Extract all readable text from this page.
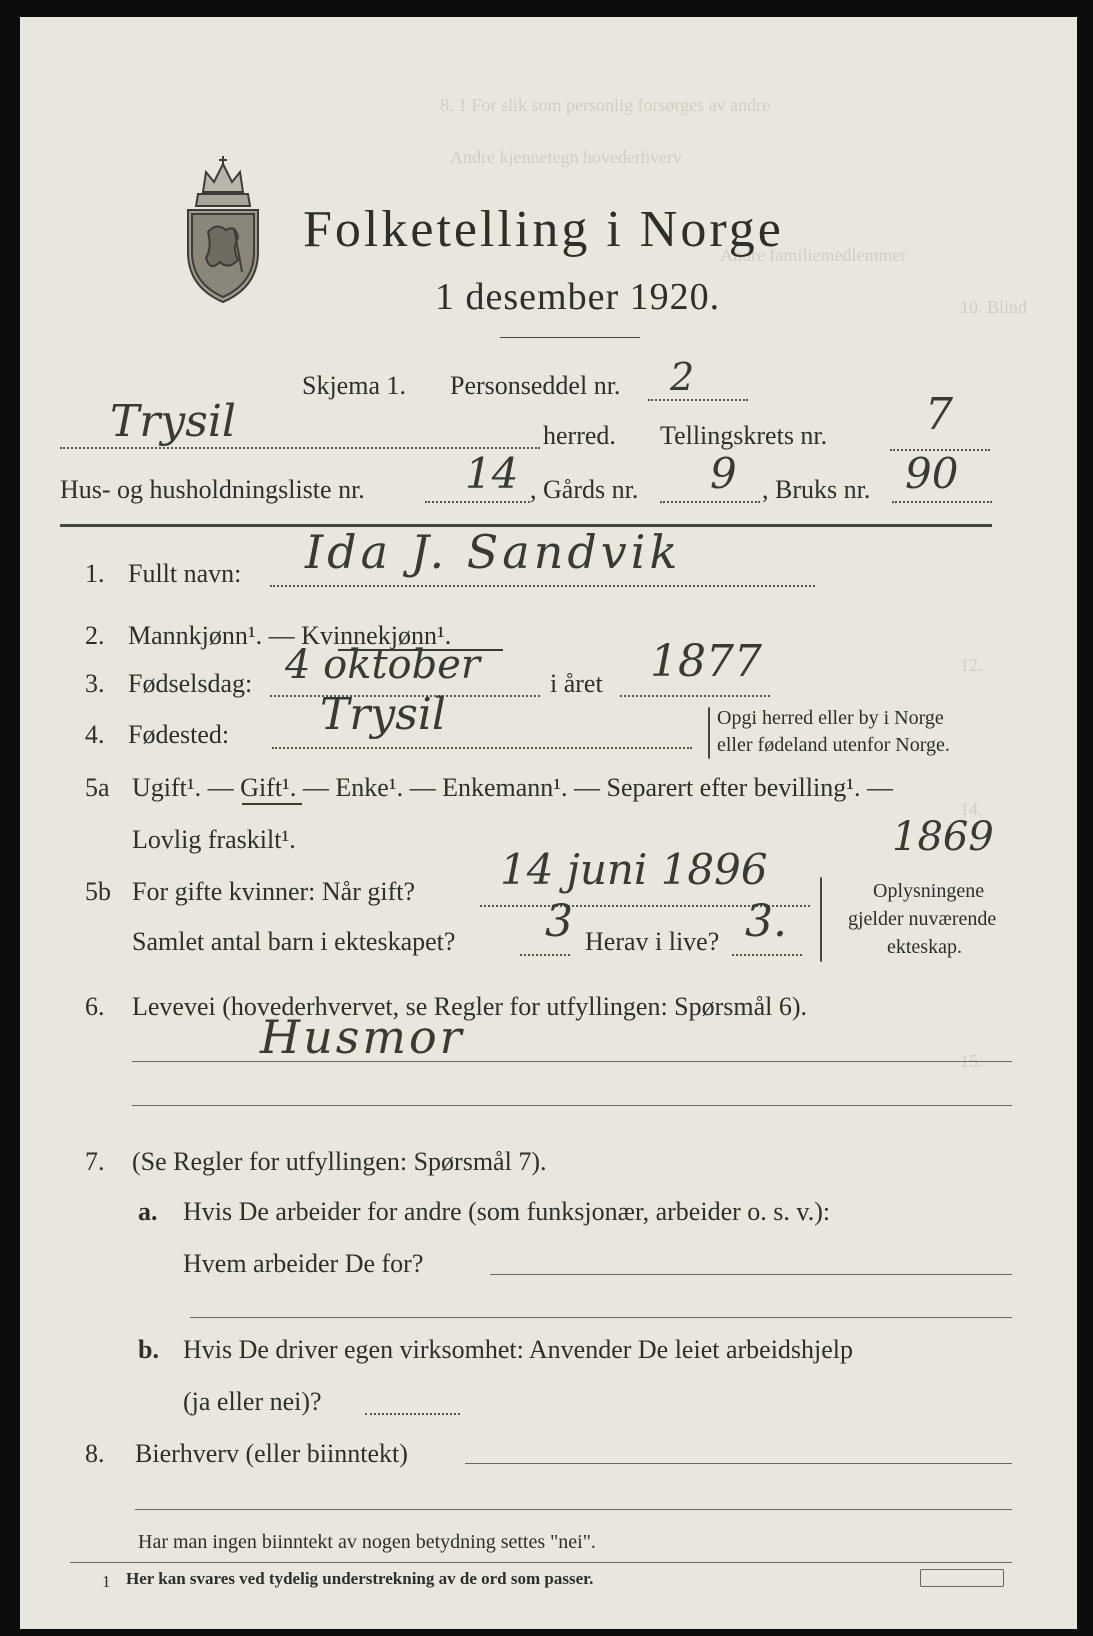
8. 1 For slik som personlig forsørges av andre
Andre kjennetegn hovederhverv
Andre familiemedlemmer
10. Blind
12.
14.
15.
Folketelling i Norge
1 desember 1920.
Skjema 1. Personseddel nr. 2
Trysil	herred. Tellingskrets nr. 7
Hus- og husholdningsliste nr. 14 , Gårds nr. 9 , Bruks nr. 90
1. Fullt navn: Ida J. Sandvik
2. Mannkjønn¹. — Kvinnekjønn¹.
3. Fødselsdag: 4 oktober	i året 1877
4. Fødested: Trysil	Opgi herred eller by i Norge
eller fødeland utenfor Norge.
5a Ugift¹. — Gift¹. — Enke¹. — Enkemann¹. — Separert efter bevilling¹. —
Lovlig fraskilt¹.	1869
5b For gifte kvinner: Når gift? 14 juni 1896
Samlet antal barn i ekteskapet? 3 Herav i live? 3.
Oplysningene
gjelder nuværende
ekteskap.
6. Levevei (hovederhvervet, se Regler for utfyllingen: Spørsmål 6).
Husmor
7. (Se Regler for utfyllingen: Spørsmål 7).
a. Hvis De arbeider for andre (som funksjonær, arbeider o. s. v.):
Hvem arbeider De for?
b. Hvis De driver egen virksomhet: Anvender De leiet arbeidshjelp
(ja eller nei)?
8. Bierhverv (eller biinntekt)
Har man ingen biinntekt av nogen betydning settes "nei".
1 Her kan svares ved tydelig understrekning av de ord som passer.
